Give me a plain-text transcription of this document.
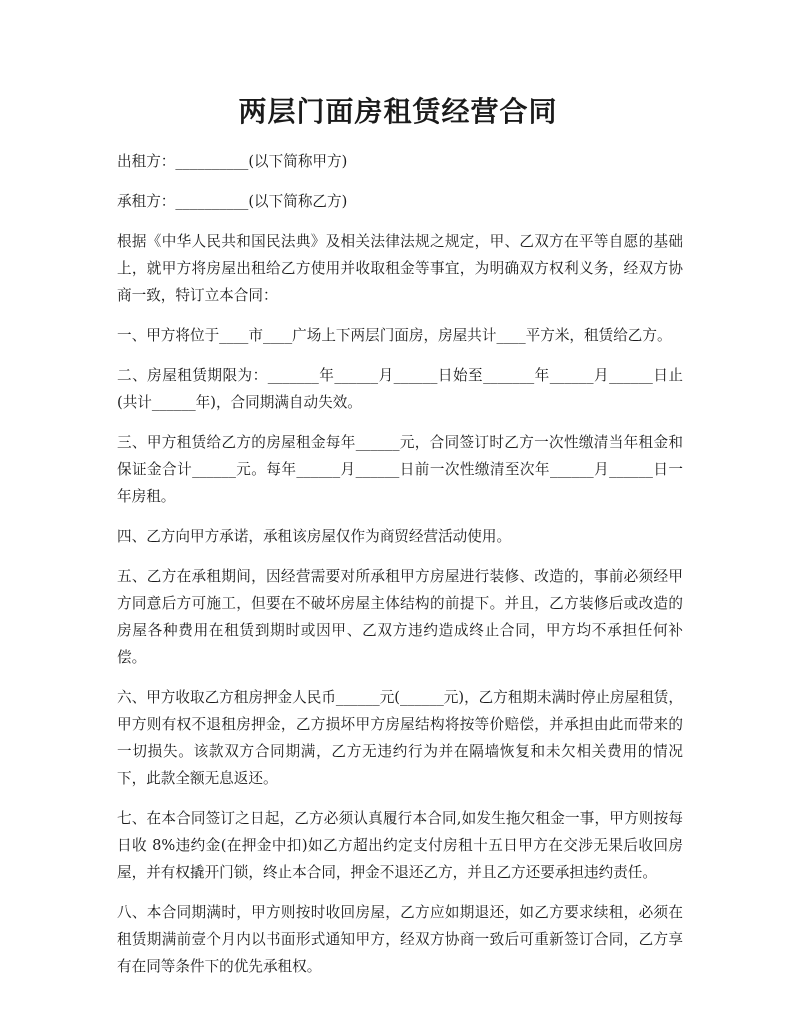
两层门面房租赁经营合同

出租方：__________(以下简称甲方)

承租方：__________(以下简称乙方)

根据《中华人民共和国民法典》及相关法律法规之规定，甲、乙双方在平等自愿的基础上，就甲方将房屋出租给乙方使用并收取租金等事宜，为明确双方权利义务，经双方协商一致，特订立本合同：

一、甲方将位于____市____广场上下两层门面房，房屋共计____平方米，租赁给乙方。

二、房屋租赁期限为：_______年______月______日始至_______年______月______日止(共计______年)，合同期满自动失效。

三、甲方租赁给乙方的房屋租金每年______元，合同签订时乙方一次性缴清当年租金和保证金合计______元。每年______月______日前一次性缴清至次年______月______日一年房租。

四、乙方向甲方承诺，承租该房屋仅作为商贸经营活动使用。

五、乙方在承租期间，因经营需要对所承租甲方房屋进行装修、改造的，事前必须经甲方同意后方可施工，但要在不破坏房屋主体结构的前提下。并且，乙方装修后或改造的房屋各种费用在租赁到期时或因甲、乙双方违约造成终止合同，甲方均不承担任何补偿。

六、甲方收取乙方租房押金人民币______元(______元)，乙方租期未满时停止房屋租赁，甲方则有权不退租房押金，乙方损坏甲方房屋结构将按等价赔偿，并承担由此而带来的一切损失。该款双方合同期满，乙方无违约行为并在隔墙恢复和未欠相关费用的情况下，此款全额无息返还。

七、在本合同签订之日起，乙方必须认真履行本合同,如发生拖欠租金一事，甲方则按每日收 8%违约金(在押金中扣)如乙方超出约定支付房租十五日甲方在交涉无果后收回房屋，并有权撬开门锁，终止本合同，押金不退还乙方，并且乙方还要承担违约责任。

八、本合同期满时，甲方则按时收回房屋，乙方应如期退还，如乙方要求续租，必须在租赁期满前壹个月内以书面形式通知甲方，经双方协商一致后可重新签订合同，乙方享有在同等条件下的优先承租权。
